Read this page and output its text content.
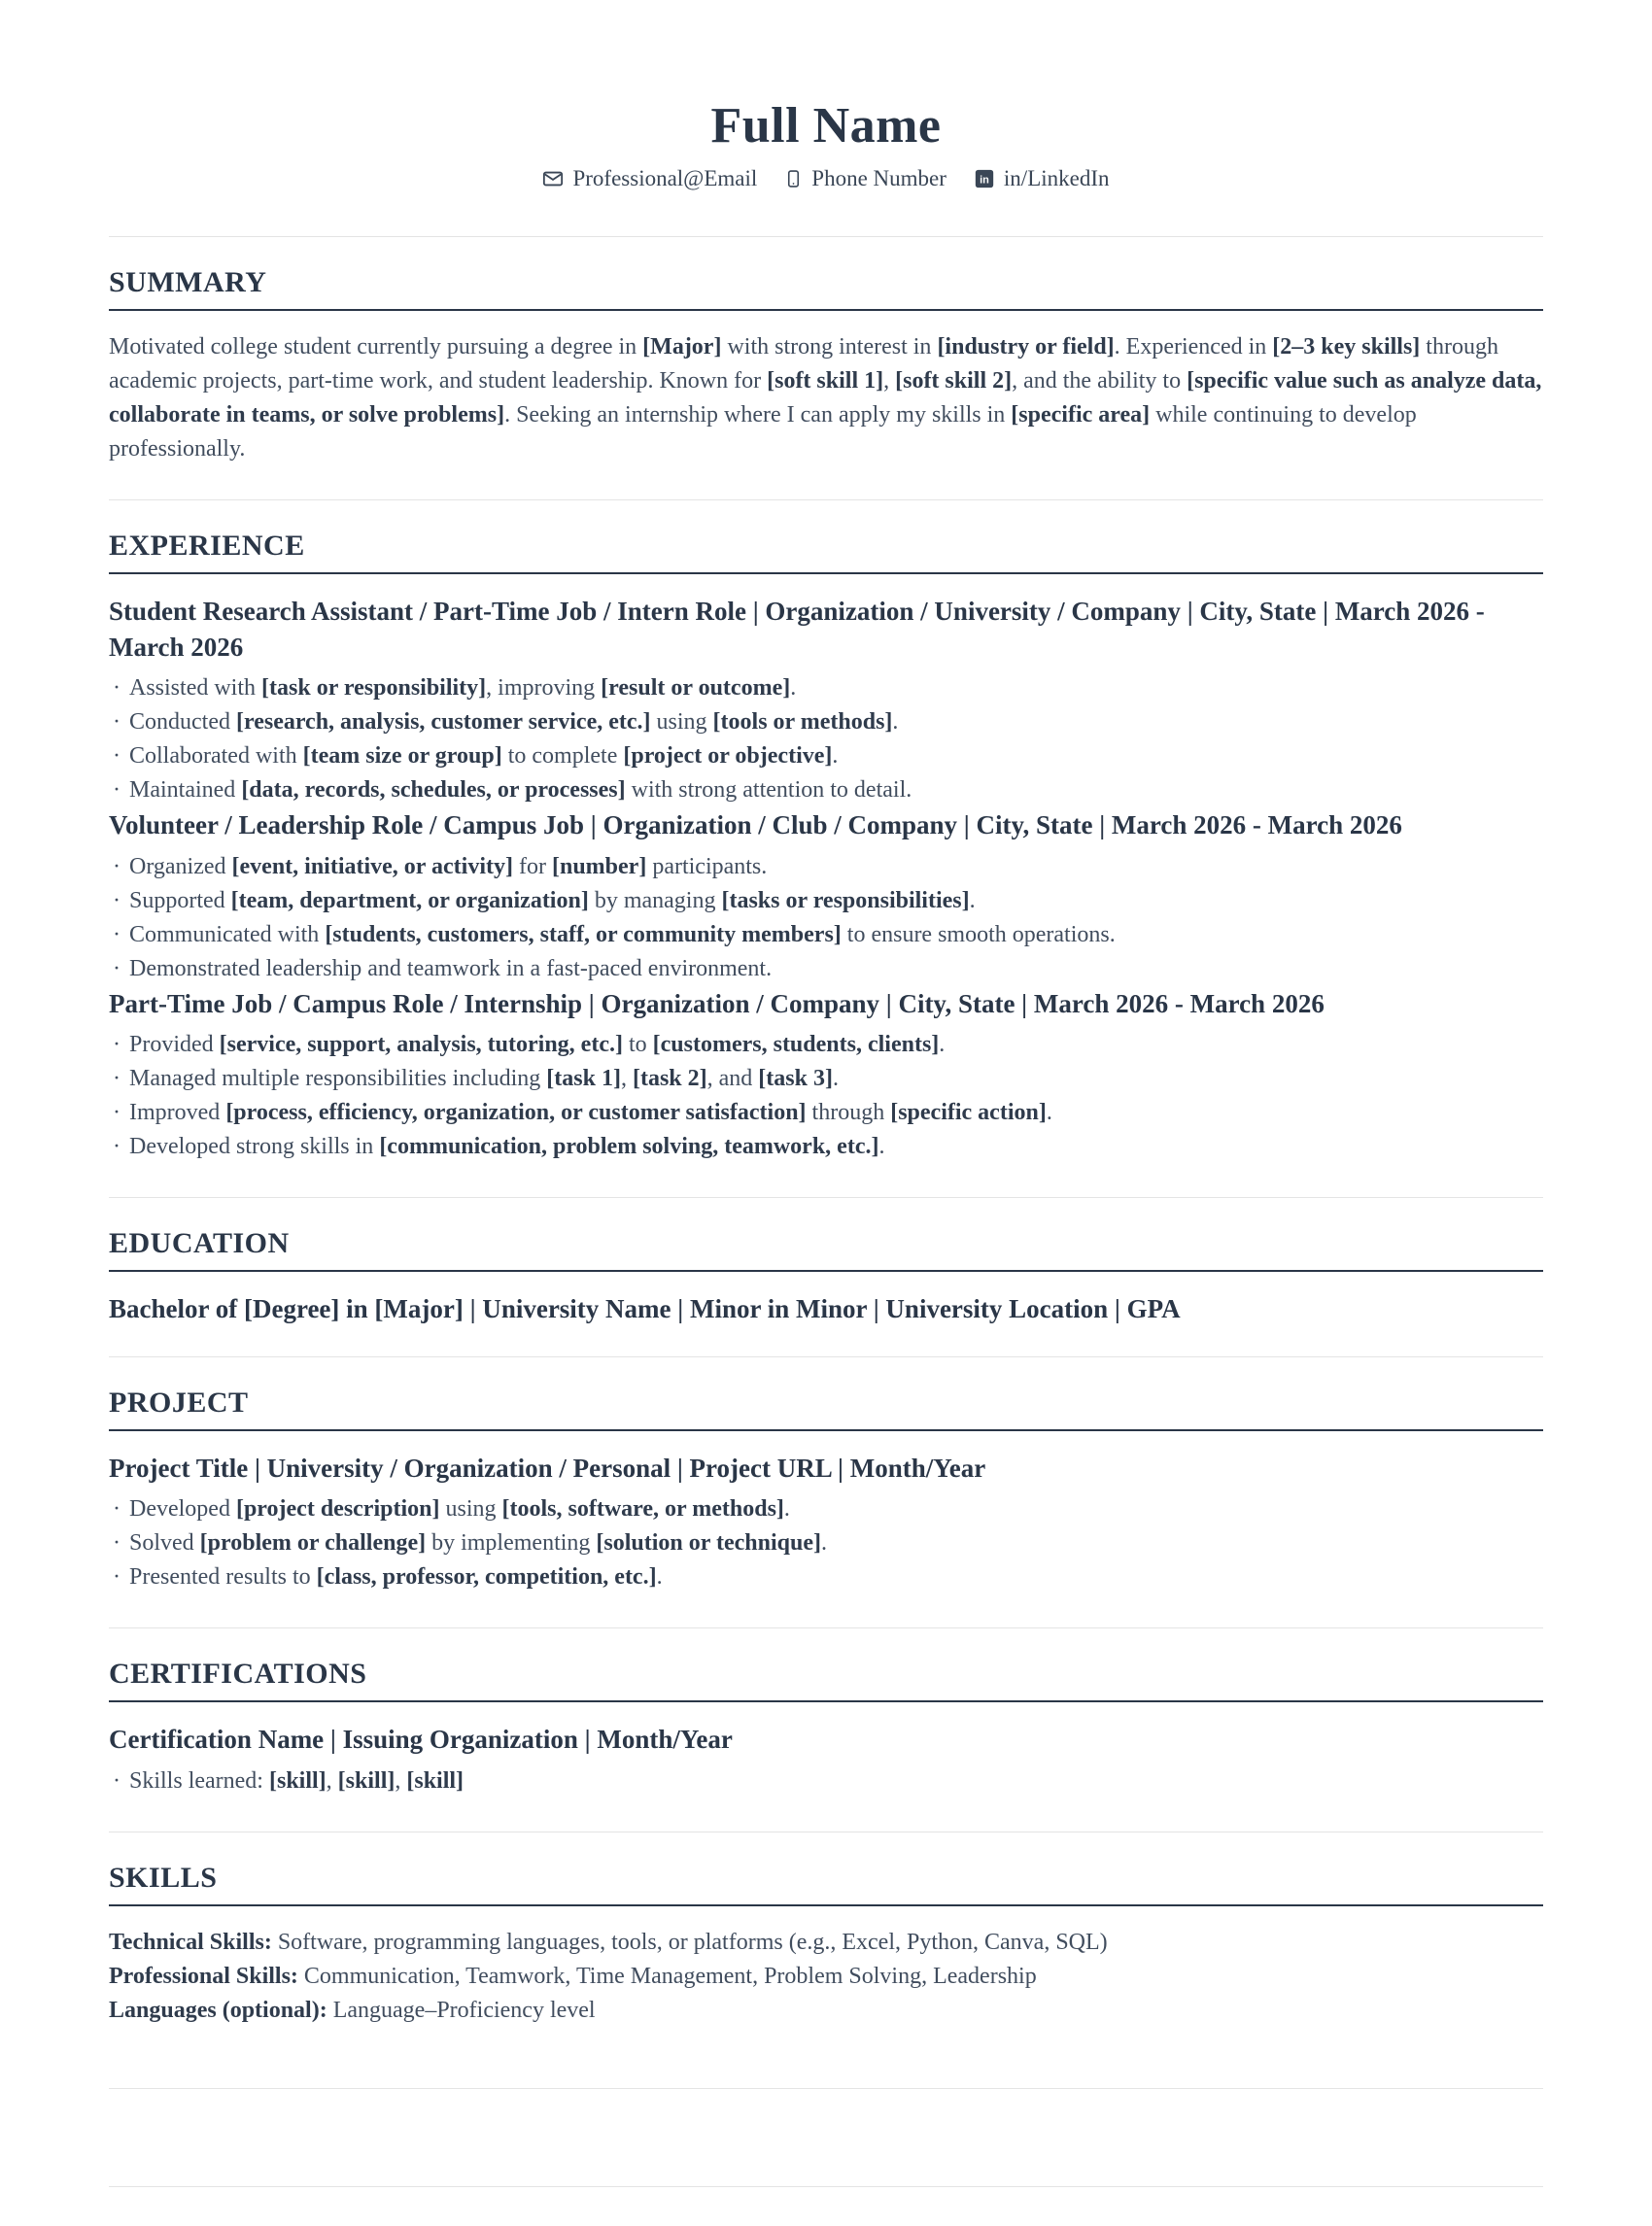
Full Name
Professional@Email Phone Number	in in/LinkedIn
SUMMARY

Motivated college student currently pursuing a degree in [Major] with strong interest in [industry or field]. Experienced in [2–3 key skills] through academic projects, part-time work, and student leadership. Known for [soft skill 1], [soft skill 2], and the ability to [specific value such as analyze data, collaborate in teams, or solve problems]. Seeking an internship where I can apply my skills in [specific area] while continuing to develop professionally.

EXPERIENCE
Student Research Assistant / Part-Time Job / Intern Role | Organization / University / Company | City, State | March 2026 - March 2026
· Assisted with [task or responsibility], improving [result or outcome].
· Conducted [research, analysis, customer service, etc.] using [tools or methods].
· Collaborated with [team size or group] to complete [project or objective].
· Maintained [data, records, schedules, or processes] with strong attention to detail.
Volunteer / Leadership Role / Campus Job | Organization / Club / Company | City, State | March 2026 - March 2026
· Organized [event, initiative, or activity] for [number] participants.
· Supported [team, department, or organization] by managing [tasks or responsibilities].
· Communicated with [students, customers, staff, or community members] to ensure smooth operations.
· Demonstrated leadership and teamwork in a fast-paced environment.
Part-Time Job / Campus Role / Internship | Organization / Company | City, State | March 2026 - March 2026
· Provided [service, support, analysis, tutoring, etc.] to [customers, students, clients].
· Managed multiple responsibilities including [task 1], [task 2], and [task 3].
· Improved [process, efficiency, organization, or customer satisfaction] through [specific action].
· Developed strong skills in [communication, problem solving, teamwork, etc.].
EDUCATION
Bachelor of [Degree] in [Major] | University Name | Minor in Minor | University Location | GPA
PROJECT
Project Title | University / Organization / Personal | Project URL | Month/Year
· Developed [project description] using [tools, software, or methods].
· Solved [problem or challenge] by implementing [solution or technique].
· Presented results to [class, professor, competition, etc.].
CERTIFICATIONS
Certification Name | Issuing Organization | Month/Year
· Skills learned: [skill], [skill], [skill]
SKILLS

Technical Skills: Software, programming languages, tools, or platforms (e.g., Excel, Python, Canva, SQL)

Professional Skills: Communication, Teamwork, Time Management, Problem Solving, Leadership

Languages (optional): Language–Proficiency level
